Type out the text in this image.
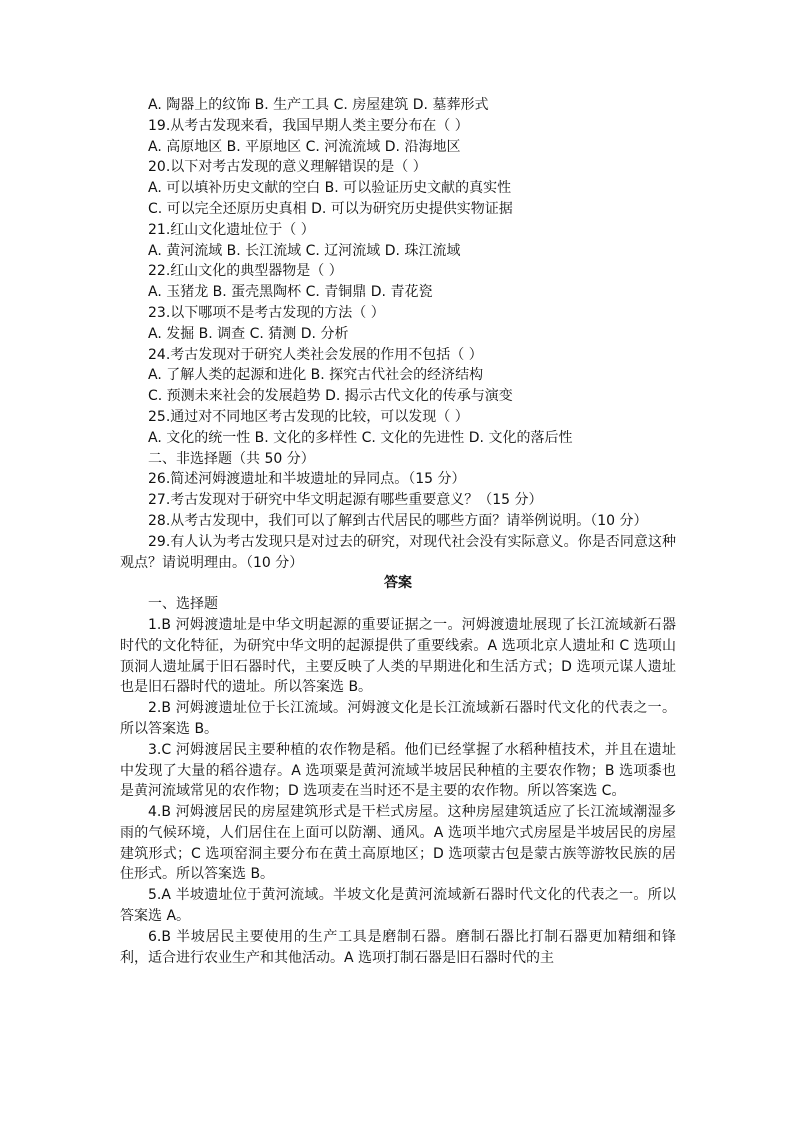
A. 陶器上的纹饰 B. 生产工具 C. 房屋建筑 D. 墓葬形式
19.从考古发现来看，我国早期人类主要分布在（ ）
A. 高原地区 B. 平原地区 C. 河流流域 D. 沿海地区
20.以下对考古发现的意义理解错误的是（ ）
A. 可以填补历史文献的空白 B. 可以验证历史文献的真实性
C. 可以完全还原历史真相 D. 可以为研究历史提供实物证据
21.红山文化遗址位于（ ）
A. 黄河流域 B. 长江流域 C. 辽河流域 D. 珠江流域
22.红山文化的典型器物是（ ）
A. 玉猪龙 B. 蛋壳黑陶杯 C. 青铜鼎 D. 青花瓷
23.以下哪项不是考古发现的方法（ ）
A. 发掘 B. 调查 C. 猜测 D. 分析
24.考古发现对于研究人类社会发展的作用不包括（ ）
A. 了解人类的起源和进化 B. 探究古代社会的经济结构
C. 预测未来社会的发展趋势 D. 揭示古代文化的传承与演变
25.通过对不同地区考古发现的比较，可以发现（ ）
A. 文化的统一性 B. 文化的多样性 C. 文化的先进性 D. 文化的落后性
二、非选择题（共 50 分）
26.简述河姆渡遗址和半坡遗址的异同点。（15 分）
27.考古发现对于研究中华文明起源有哪些重要意义？（15 分）
28.从考古发现中，我们可以了解到古代居民的哪些方面？请举例说明。（10 分）
29.有人认为考古发现只是对过去的研究，对现代社会没有实际意义。你是否同意这种观点？请说明理由。（10 分）
答案
一、选择题
1.B 河姆渡遗址是中华文明起源的重要证据之一。河姆渡遗址展现了长江流域新石器时代的文化特征，为研究中华文明的起源提供了重要线索。A 选项北京人遗址和 C 选项山顶洞人遗址属于旧石器时代，主要反映了人类的早期进化和生活方式；D 选项元谋人遗址也是旧石器时代的遗址。所以答案选 B。
2.B 河姆渡遗址位于长江流域。河姆渡文化是长江流域新石器时代文化的代表之一。所以答案选 B。
3.C 河姆渡居民主要种植的农作物是稻。他们已经掌握了水稻种植技术，并且在遗址中发现了大量的稻谷遗存。A 选项粟是黄河流域半坡居民种植的主要农作物；B 选项黍也是黄河流域常见的农作物；D 选项麦在当时还不是主要的农作物。所以答案选 C。
4.B 河姆渡居民的房屋建筑形式是干栏式房屋。这种房屋建筑适应了长江流域潮湿多雨的气候环境，人们居住在上面可以防潮、通风。A 选项半地穴式房屋是半坡居民的房屋建筑形式；C 选项窑洞主要分布在黄土高原地区；D 选项蒙古包是蒙古族等游牧民族的居住形式。所以答案选 B。
5.A 半坡遗址位于黄河流域。半坡文化是黄河流域新石器时代文化的代表之一。所以答案选 A。
6.B 半坡居民主要使用的生产工具是磨制石器。磨制石器比打制石器更加精细和锋利，适合进行农业生产和其他活动。A 选项打制石器是旧石器时代的主
